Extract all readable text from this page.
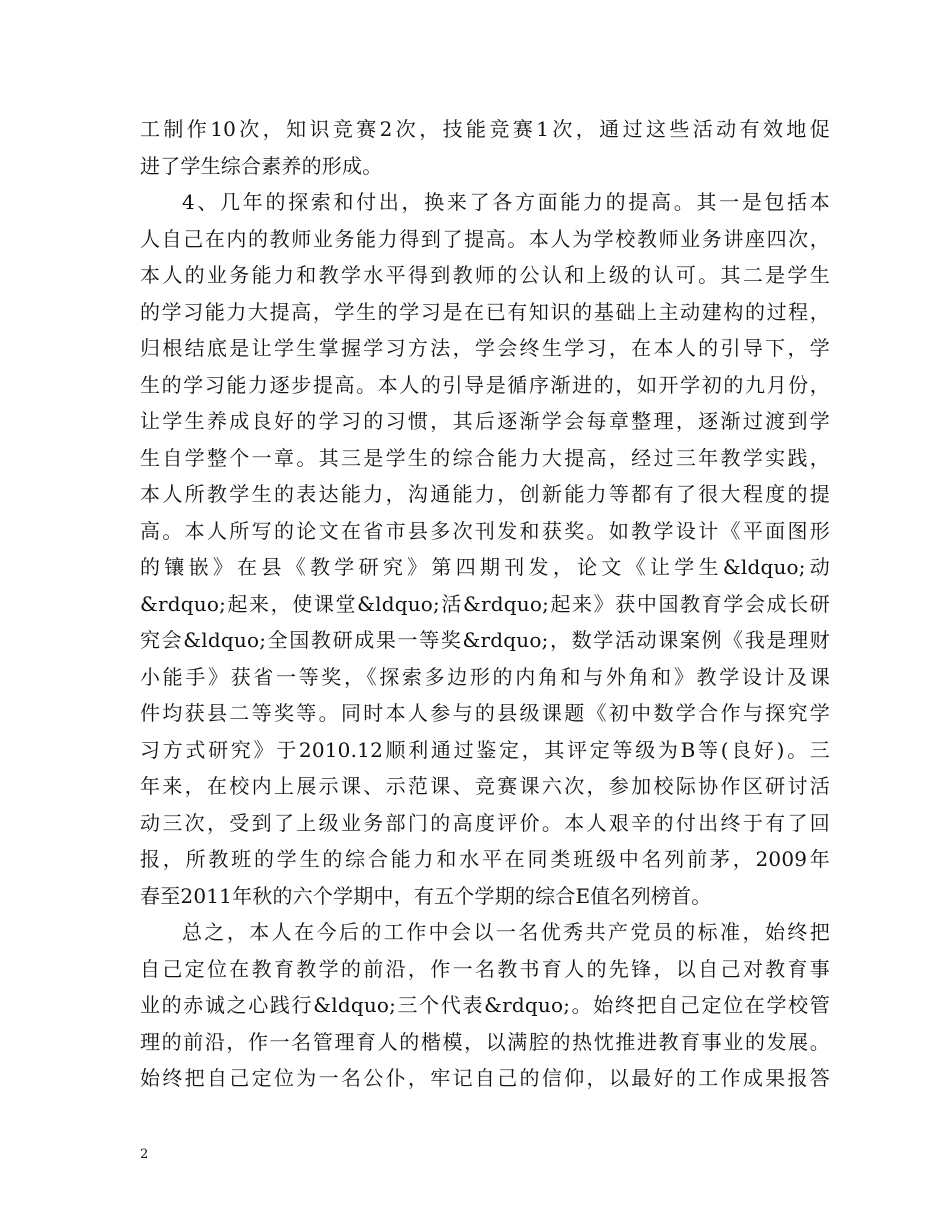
工制作10次，知识竞赛2次，技能竞赛1次，通过这些活动有效地促
进了学生综合素养的形成。
4、几年的探索和付出，换来了各方面能力的提高。其一是包括本
人自己在内的教师业务能力得到了提高。本人为学校教师业务讲座四次，
本人的业务能力和教学水平得到教师的公认和上级的认可。其二是学生
的学习能力大提高，学生的学习是在已有知识的基础上主动建构的过程，
归根结底是让学生掌握学习方法，学会终生学习，在本人的引导下，学
生的学习能力逐步提高。本人的引导是循序渐进的，如开学初的九月份，
让学生养成良好的学习的习惯，其后逐渐学会每章整理，逐渐过渡到学
生自学整个一章。其三是学生的综合能力大提高，经过三年教学实践，
本人所教学生的表达能力，沟通能力，创新能力等都有了很大程度的提
高。本人所写的论文在省市县多次刊发和获奖。如教学设计《平面图形
的镶嵌》在县《教学研究》第四期刊发，论文《让学生&ldquo;动
&rdquo;起来，使课堂&ldquo;活&rdquo;起来》获中国教育学会成长研
究会&ldquo;全国教研成果一等奖&rdquo;，数学活动课案例《我是理财
小能手》获省一等奖，《探索多边形的内角和与外角和》教学设计及课
件均获县二等奖等。同时本人参与的县级课题《初中数学合作与探究学
习方式研究》于2010.12顺利通过鉴定，其评定等级为B等(良好)。三
年来，在校内上展示课、示范课、竞赛课六次，参加校际协作区研讨活
动三次，受到了上级业务部门的高度评价。本人艰辛的付出终于有了回
报，所教班的学生的综合能力和水平在同类班级中名列前茅，2009年
春至2011年秋的六个学期中，有五个学期的综合E值名列榜首。
总之，本人在今后的工作中会以一名优秀共产党员的标准，始终把
自己定位在教育教学的前沿，作一名教书育人的先锋，以自己对教育事
业的赤诚之心践行&ldquo;三个代表&rdquo;。始终把自己定位在学校管
理的前沿，作一名管理育人的楷模，以满腔的热忱推进教育事业的发展。
始终把自己定位为一名公仆，牢记自己的信仰，以最好的工作成果报答
2
